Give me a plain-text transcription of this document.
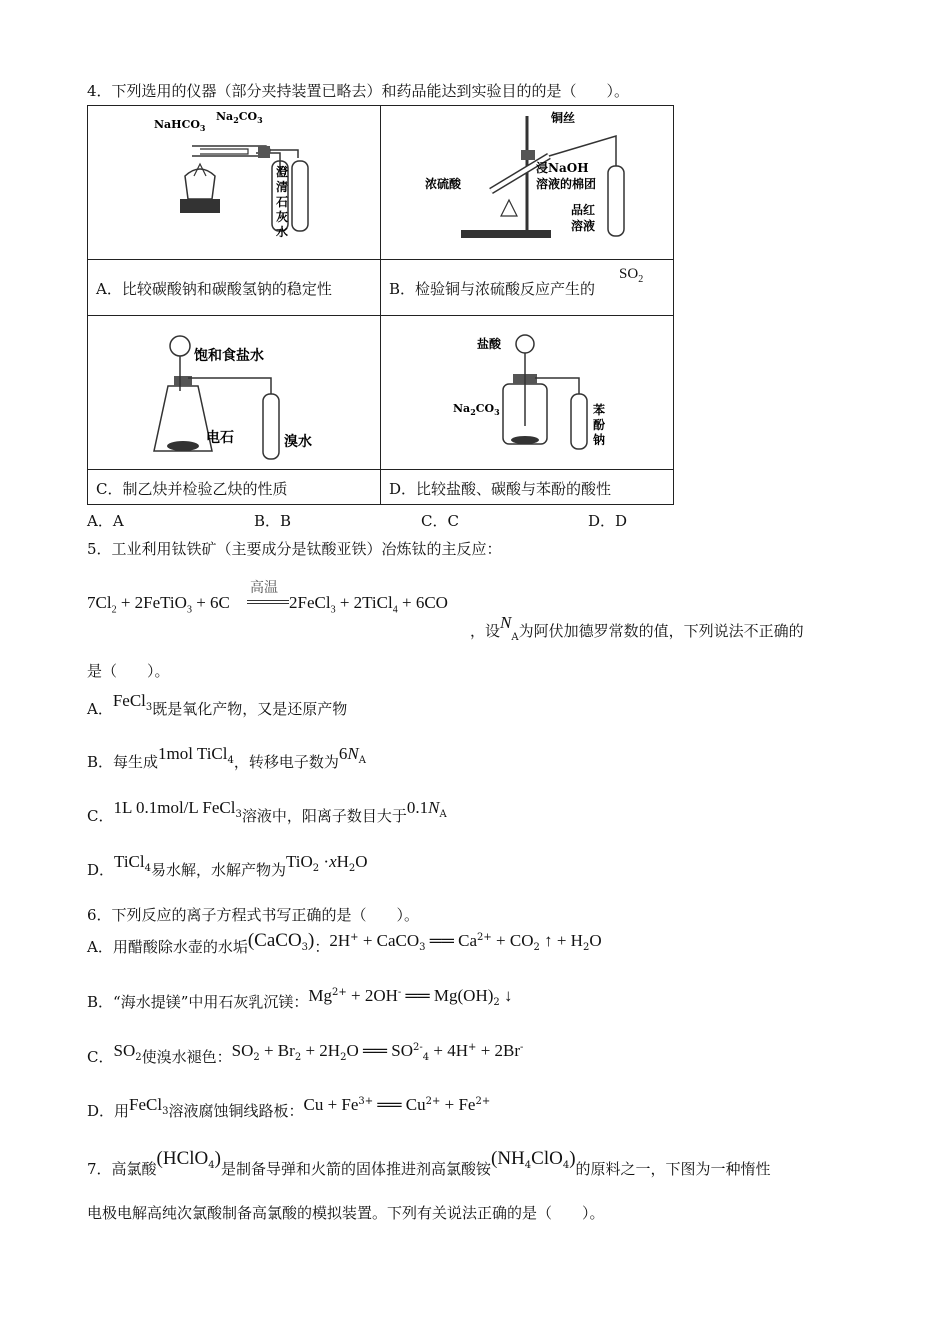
4．下列选用的仪器（部分夹持装置已略去）和药品能达到实验目的的是（　　）。
NaHCO$_3$
$Na_2CO_3$
澄
清
石
灰
水
铜丝
浸NaOH
溶液的棉团
浓硫酸
品红
溶液
A．比较碳酸钠和碳酸氢钠的稳定性	B．检验铜与浓硫酸反应产生的
$SO_2$
饱和食盐水
电石	溴水
盐酸
$Na_2CO_3$	苯
酚
钠
C．制乙炔并检验乙炔的性质	D．比较盐酸、碳酸与苯酚的酸性
A．A	B．B	C．C	D．D
5．工业利用钛铁矿（主要成分是钛酸亚铁）冶炼钛的主反应：
$7Cl_2$ + 2FeTiO$_3$ + 6C
高温
2FeCl$_3$ + 2TiCl$_4$ + 6CO
，设$N_A$为阿伏加德罗常数的值，下列说法不正确的
是（　　）。
A．FeCl$_3$既是氧化产物，又是还原产物
B．每生成1mol TiCl$_4$，转移电子数为$6N_A$
C．1L 0.1mol/L FeCl$_3$溶液中，阳离子数目大于$0.1N_A$
D．TiCl$_4$易水解，水解产物为$TiO_2 \cdot xH_2O$
6．下列反应的离子方程式书写正确的是（　　）。
A．用醋酸除水壶的水垢(CaCO$_3$)：2H+ + CaCO$_3$ ══ $Ca^{2+} + CO_2$ ↑ + $H_2O$
B．“海水提镁”中用石灰乳沉镁：$Mg^{2+} + 2OH^-$ ══ $Mg(OH)_2$ ↓
C．$SO_2$使溴水褪色：$SO_2 + Br_2 + 2H_2O$ ══ $SO^{2-}_4 + 4H^+ + 2Br^-$
D．用FeCl$_3$溶液腐蚀铜线路板：$Cu + Fe^{3+}$ ══ $Cu^{2+} + Fe^{2+}$
7．高氯酸(HClO$_4$)是制备导弹和火箭的固体推进剂高氯酸铵$(NH_4ClO_4)$的原料之一，下图为一种惰性
电极电解高纯次氯酸制备高氯酸的模拟装置。下列有关说法正确的是（　　）。
